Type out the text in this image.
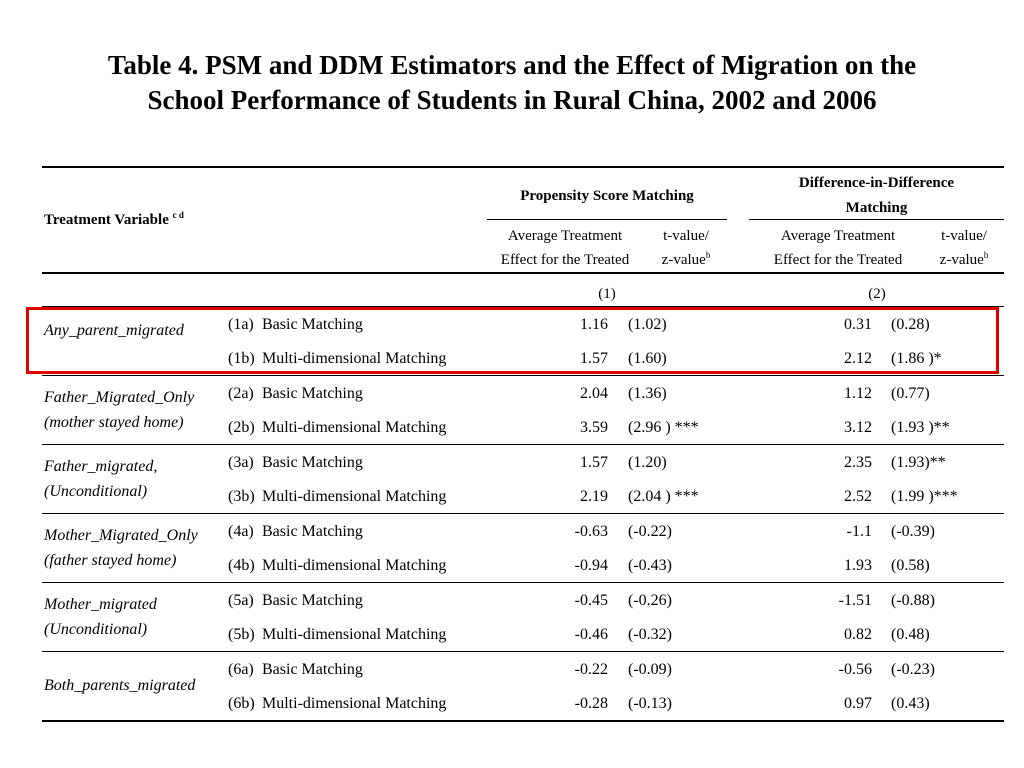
Table 4. PSM and DDM Estimators and the Effect of Migration on the
School Performance of Students in Rural China, 2002 and 2006
Treatment Variable $^{c d}$
Propensity Score Matching
Difference-in-Difference
Matching
Average Treatment
Effect for the Treated
t-value/
z-value$^b$
Average Treatment
Effect for the Treated
t-value/
z-value$^b$
(1)	(2)
Any_parent_migrated	(1a) Basic Matching	1.16 (1.02)	0.31 (0.28)
(1b) Multi-dimensional Matching	1.57 (1.60)	2.12 (1.86 )*
Father_Migrated_Only
(mother stayed home)
(2a) Basic Matching	2.04 (1.36)	1.12 (0.77)
(2b) Multi-dimensional Matching	3.59 (2.96 ) ***	3.12 (1.93 )**
Father_migrated,
(Unconditional)
(3a) Basic Matching	1.57 (1.20)	2.35 (1.93)**
(3b) Multi-dimensional Matching	2.19 (2.04 ) ***	2.52 (1.99 )***
Mother_Migrated_Only
(father stayed home)
(4a) Basic Matching	-0.63 (-0.22)	-1.1 (-0.39)
(4b) Multi-dimensional Matching	-0.94 (-0.43)	1.93 (0.58)
Mother_migrated
(Unconditional)
(5a) Basic Matching	-0.45 (-0.26)	-1.51 (-0.88)
(5b) Multi-dimensional Matching	-0.46 (-0.32)	0.82 (0.48)
Both_parents_migrated
(6a) Basic Matching	-0.22 (-0.09)	-0.56 (-0.23)
(6b) Multi-dimensional Matching	-0.28 (-0.13)	0.97 (0.43)
